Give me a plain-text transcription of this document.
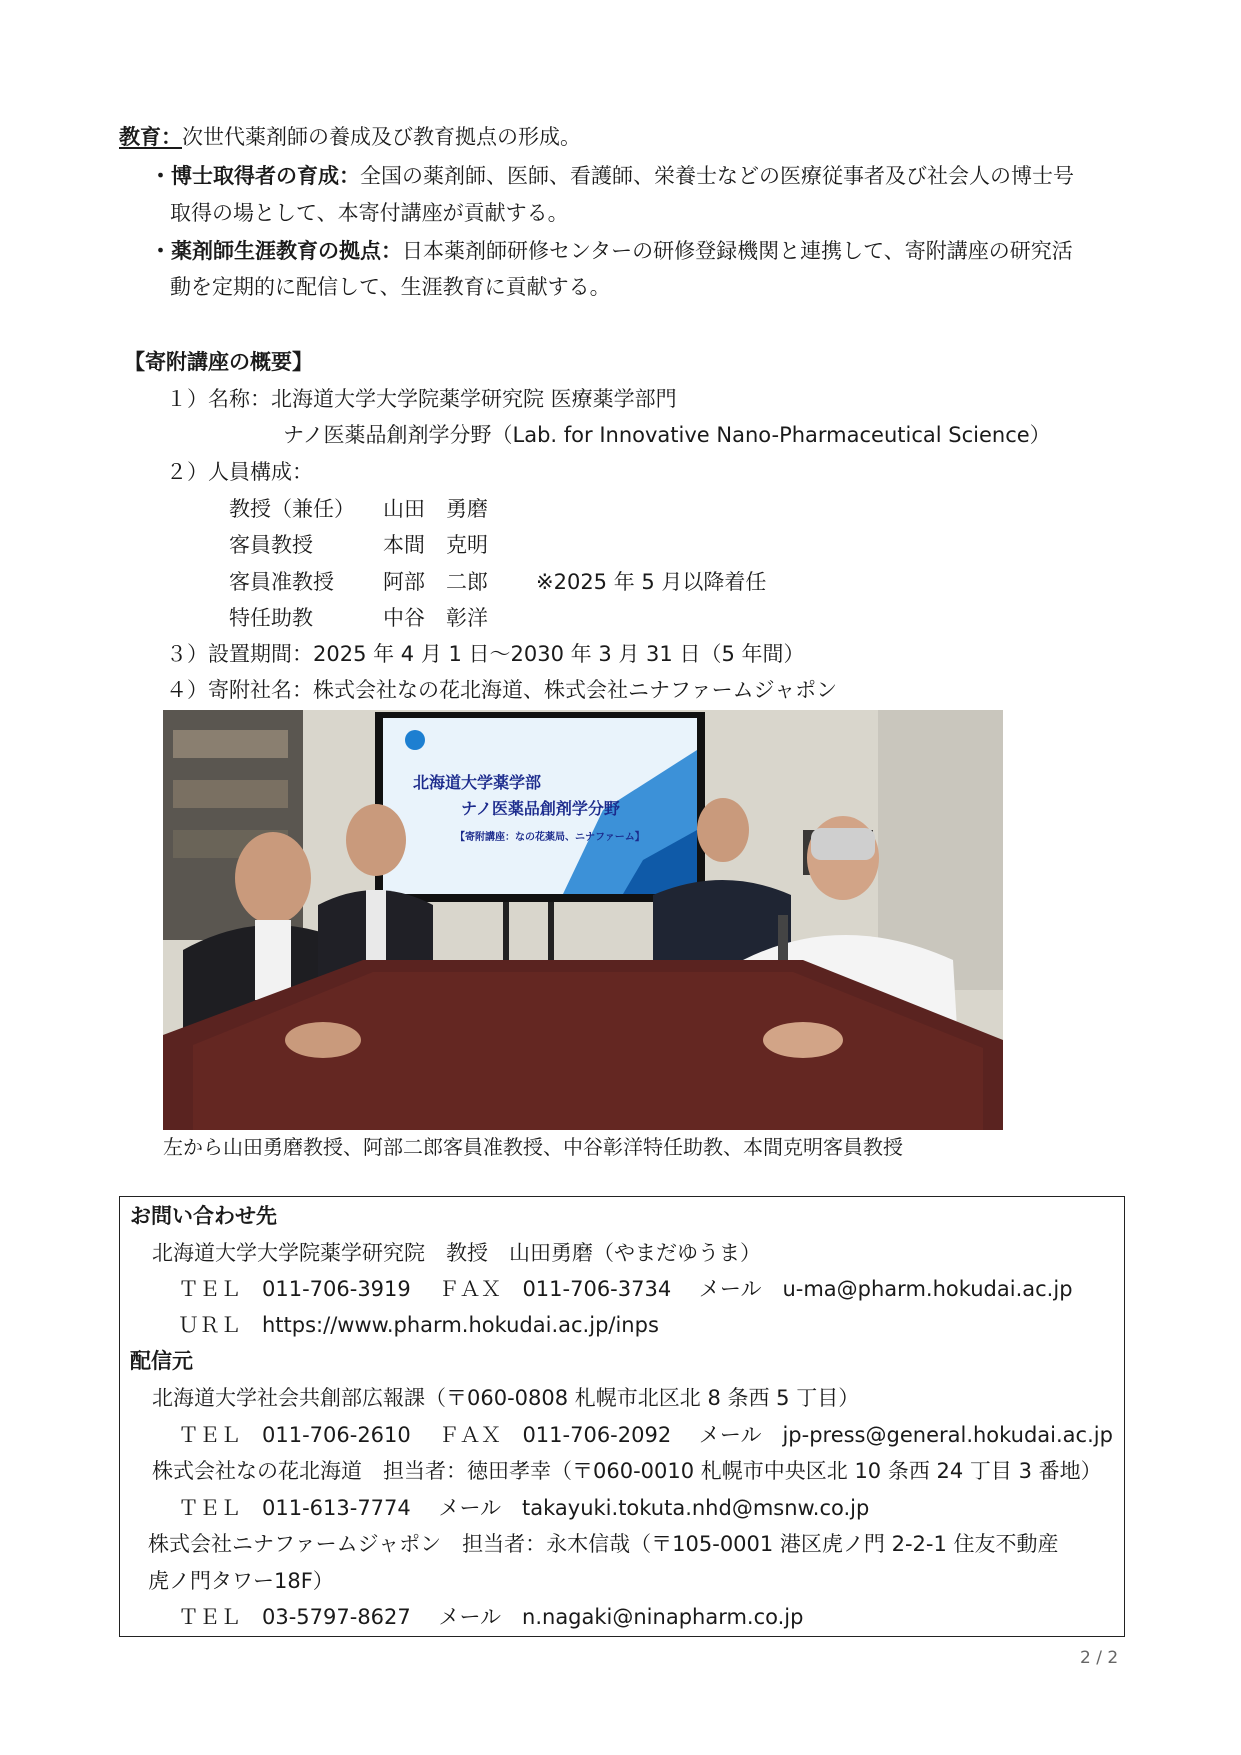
教育：次世代薬剤師の養成及び教育拠点の形成。
・博士取得者の育成：全国の薬剤師、医師、看護師、栄養士などの医療従事者及び社会人の博士号
取得の場として、本寄付講座が貢献する。
・薬剤師生涯教育の拠点：日本薬剤師研修センターの研修登録機関と連携して、寄附講座の研究活
動を定期的に配信して、生涯教育に貢献する。
【寄附講座の概要】
１）名称：北海道大学大学院薬学研究院 医療薬学部門
ナノ医薬品創剤学分野（Lab. for Innovative Nano-Pharmaceutical Science）
２）人員構成：
教授（兼任） 山田　勇磨
客員教授	本間　克明
客員准教授 阿部　二郎 ※2025 年 5 月以降着任
特任助教	中谷　彰洋
３）設置期間：2025 年 4 月 1 日～2030 年 3 月 31 日（5 年間）
４）寄附社名：株式会社なの花北海道、株式会社ニナファームジャポン
北海道大学薬学部
ナノ医薬品創剤学分野
【寄附講座：なの花薬局、ニナファーム】
左から山田勇磨教授、阿部二郎客員准教授、中谷彰洋特任助教、本間克明客員教授
お問い合わせ先
北海道大学大学院薬学研究院　教授　山田勇磨（やまだゆうま）
ＴＥＬ　011-706-3919　 ＦＡＸ　011-706-3734　 メール　u-ma@pharm.hokudai.ac.jp
ＵＲＬ　https://www.pharm.hokudai.ac.jp/inps
配信元
北海道大学社会共創部広報課（〒060-0808 札幌市北区北 8 条西 5 丁目）
ＴＥＬ　011-706-2610　 ＦＡＸ　011-706-2092　 メール　jp-press@general.hokudai.ac.jp
株式会社なの花北海道　担当者：徳田孝幸（〒060-0010 札幌市中央区北 10 条西 24 丁目 3 番地）
ＴＥＬ　011-613-7774　 メール　takayuki.tokuta.nhd@msnw.co.jp
株式会社ニナファームジャポン　担当者：永木信哉（〒105-0001 港区虎ノ門 2-2-1 住友不動産
虎ノ門タワー18F）
ＴＥＬ　03-5797-8627　 メール　n.nagaki@ninapharm.co.jp
2 / 2
